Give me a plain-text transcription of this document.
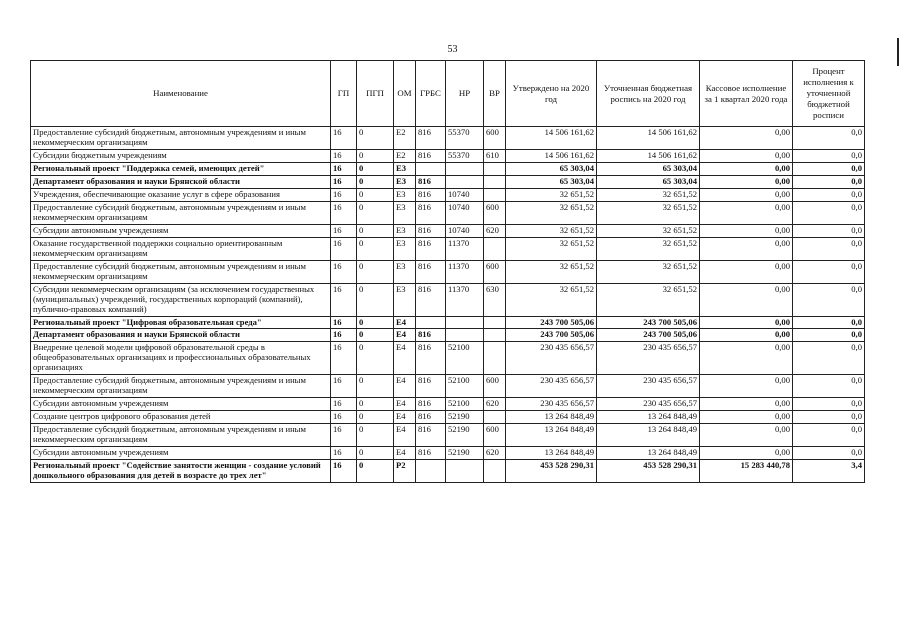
53
Наименование	ГП	ПГП	ОМ	ГРБС	НР	ВР	Утверждено на 2020 год	Уточненная бюджетная роспись на 2020 год	Кассовое исполнение за 1 квартал 2020 года	Процент исполнения к уточненной бюджетной росписи
Предоставление субсидий бюджетным, автономным учреждениям и иным некоммерческим организациям	16	0	E2	816	55370	600	14 506 161,62	14 506 161,62	0,00	0,0
Субсидии бюджетным учреждениям	16	0	E2	816	55370	610	14 506 161,62	14 506 161,62	0,00	0,0
Региональный проект "Поддержка семей, имеющих детей"	16	0	E3				65 303,04	65 303,04	0,00	0,0
Департамент образования и науки Брянской области	16	0	E3	816			65 303,04	65 303,04	0,00	0,0
Учреждения, обеспечивающие оказание услуг в сфере образования	16	0	E3	816	10740		32 651,52	32 651,52	0,00	0,0
Предоставление субсидий бюджетным, автономным учреждениям и иным некоммерческим организациям	16	0	E3	816	10740	600	32 651,52	32 651,52	0,00	0,0
Субсидии автономным учреждениям	16	0	E3	816	10740	620	32 651,52	32 651,52	0,00	0,0
Оказание государственной поддержки социально ориентированным некоммерческим организациям	16	0	E3	816	11370		32 651,52	32 651,52	0,00	0,0
Предоставление субсидий бюджетным, автономным учреждениям и иным некоммерческим организациям	16	0	E3	816	11370	600	32 651,52	32 651,52	0,00	0,0
Субсидии некоммерческим организациям (за исключением государственных (муниципальных) учреждений, государственных корпораций (компаний), публично-правовых компаний)	16	0	E3	816	11370	630	32 651,52	32 651,52	0,00	0,0
Региональный проект "Цифровая образовательная среда"	16	0	E4				243 700 505,06	243 700 505,06	0,00	0,0
Департамент образования и науки Брянской области	16	0	E4	816			243 700 505,06	243 700 505,06	0,00	0,0
Внедрение целевой модели цифровой образовательной среды в общеобразовательных организациях и профессиональных образовательных организациях	16	0	E4	816	52100		230 435 656,57	230 435 656,57	0,00	0,0
Предоставление субсидий бюджетным, автономным учреждениям и иным некоммерческим организациям	16	0	E4	816	52100	600	230 435 656,57	230 435 656,57	0,00	0,0
Субсидии автономным учреждениям	16	0	E4	816	52100	620	230 435 656,57	230 435 656,57	0,00	0,0
Создание центров цифрового образования детей	16	0	E4	816	52190		13 264 848,49	13 264 848,49	0,00	0,0
Предоставление субсидий бюджетным, автономным учреждениям и иным некоммерческим организациям	16	0	E4	816	52190	600	13 264 848,49	13 264 848,49	0,00	0,0
Субсидии автономным учреждениям	16	0	E4	816	52190	620	13 264 848,49	13 264 848,49	0,00	0,0
Региональный проект "Содействие занятости женщин - создание условий дошкольного образования для детей в возрасте до трех лет"	16	0	P2				453 528 290,31	453 528 290,31	15 283 440,78	3,4
